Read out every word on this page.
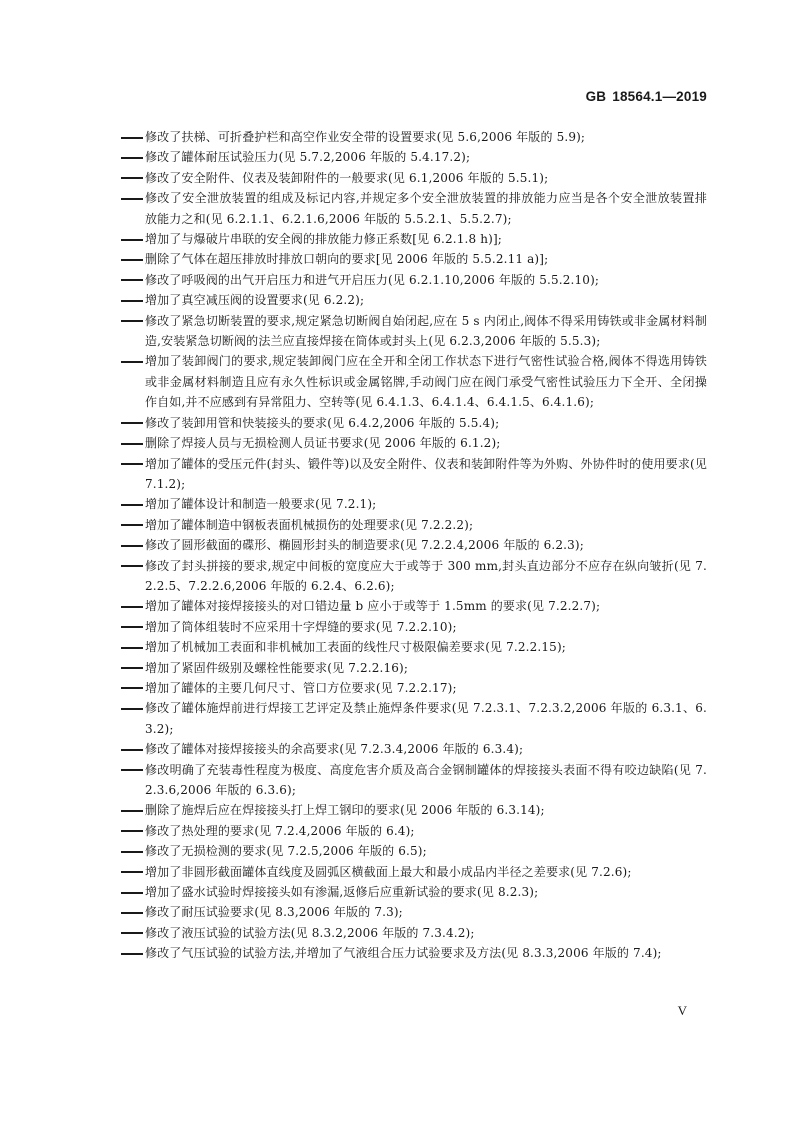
GB 18564.1—2019
修改了扶梯、可折叠护栏和高空作业安全带的设置要求(见 5.6,2006 年版的 5.9);
修改了罐体耐压试验压力(见 5.7.2,2006 年版的 5.4.17.2);
修改了安全附件、仪表及装卸附件的一般要求(见 6.1,2006 年版的 5.5.1);
修改了安全泄放装置的组成及标记内容,并规定多个安全泄放装置的排放能力应当是各个安全泄放装置排放能力之和(见 6.2.1.1、6.2.1.6,2006 年版的 5.5.2.1、5.5.2.7);
增加了与爆破片串联的安全阀的排放能力修正系数[见 6.2.1.8 h)];
删除了气体在超压排放时排放口朝向的要求[见 2006 年版的 5.5.2.11 a)];
修改了呼吸阀的出气开启压力和进气开启压力(见 6.2.1.10,2006 年版的 5.5.2.10);
增加了真空减压阀的设置要求(见 6.2.2);
修改了紧急切断装置的要求,规定紧急切断阀自始闭起,应在 5 s 内闭止,阀体不得采用铸铁或非金属材料制造,安装紧急切断阀的法兰应直接焊接在筒体或封头上(见 6.2.3,2006 年版的 5.5.3);
增加了装卸阀门的要求,规定装卸阀门应在全开和全闭工作状态下进行气密性试验合格,阀体不得选用铸铁或非金属材料制造且应有永久性标识或金属铭牌,手动阀门应在阀门承受气密性试验压力下全开、全闭操作自如,并不应感到有异常阻力、空转等(见 6.4.1.3、6.4.1.4、6.4.1.5、6.4.1.6);
修改了装卸用管和快装接头的要求(见 6.4.2,2006 年版的 5.5.4);
删除了焊接人员与无损检测人员证书要求(见 2006 年版的 6.1.2);
增加了罐体的受压元件(封头、锻件等)以及安全附件、仪表和装卸附件等为外购、外协件时的使用要求(见 7.1.2);
增加了罐体设计和制造一般要求(见 7.2.1);
增加了罐体制造中钢板表面机械损伤的处理要求(见 7.2.2.2);
修改了圆形截面的碟形、椭圆形封头的制造要求(见 7.2.2.4,2006 年版的 6.2.3);
修改了封头拼接的要求,规定中间板的宽度应大于或等于 300 mm,封头直边部分不应存在纵向皱折(见 7.2.2.5、7.2.2.6,2006 年版的 6.2.4、6.2.6);
增加了罐体对接焊接接头的对口错边量 b 应小于或等于 1.5mm 的要求(见 7.2.2.7);
增加了筒体组装时不应采用十字焊缝的要求(见 7.2.2.10);
增加了机械加工表面和非机械加工表面的线性尺寸极限偏差要求(见 7.2.2.15);
增加了紧固件级别及螺栓性能要求(见 7.2.2.16);
增加了罐体的主要几何尺寸、管口方位要求(见 7.2.2.17);
修改了罐体施焊前进行焊接工艺评定及禁止施焊条件要求(见 7.2.3.1、7.2.3.2,2006 年版的 6.3.1、6.3.2);
修改了罐体对接焊接接头的余高要求(见 7.2.3.4,2006 年版的 6.3.4);
修改明确了充装毒性程度为极度、高度危害介质及高合金钢制罐体的焊接接头表面不得有咬边缺陷(见 7.2.3.6,2006 年版的 6.3.6);
删除了施焊后应在焊接接头打上焊工钢印的要求(见 2006 年版的 6.3.14);
修改了热处理的要求(见 7.2.4,2006 年版的 6.4);
修改了无损检测的要求(见 7.2.5,2006 年版的 6.5);
增加了非圆形截面罐体直线度及圆弧区横截面上最大和最小成品内半径之差要求(见 7.2.6);
增加了盛水试验时焊接接头如有渗漏,返修后应重新试验的要求(见 8.2.3);
修改了耐压试验要求(见 8.3,2006 年版的 7.3);
修改了液压试验的试验方法(见 8.3.2,2006 年版的 7.3.4.2);
修改了气压试验的试验方法,并增加了气液组合压力试验要求及方法(见 8.3.3,2006 年版的 7.4);
V
